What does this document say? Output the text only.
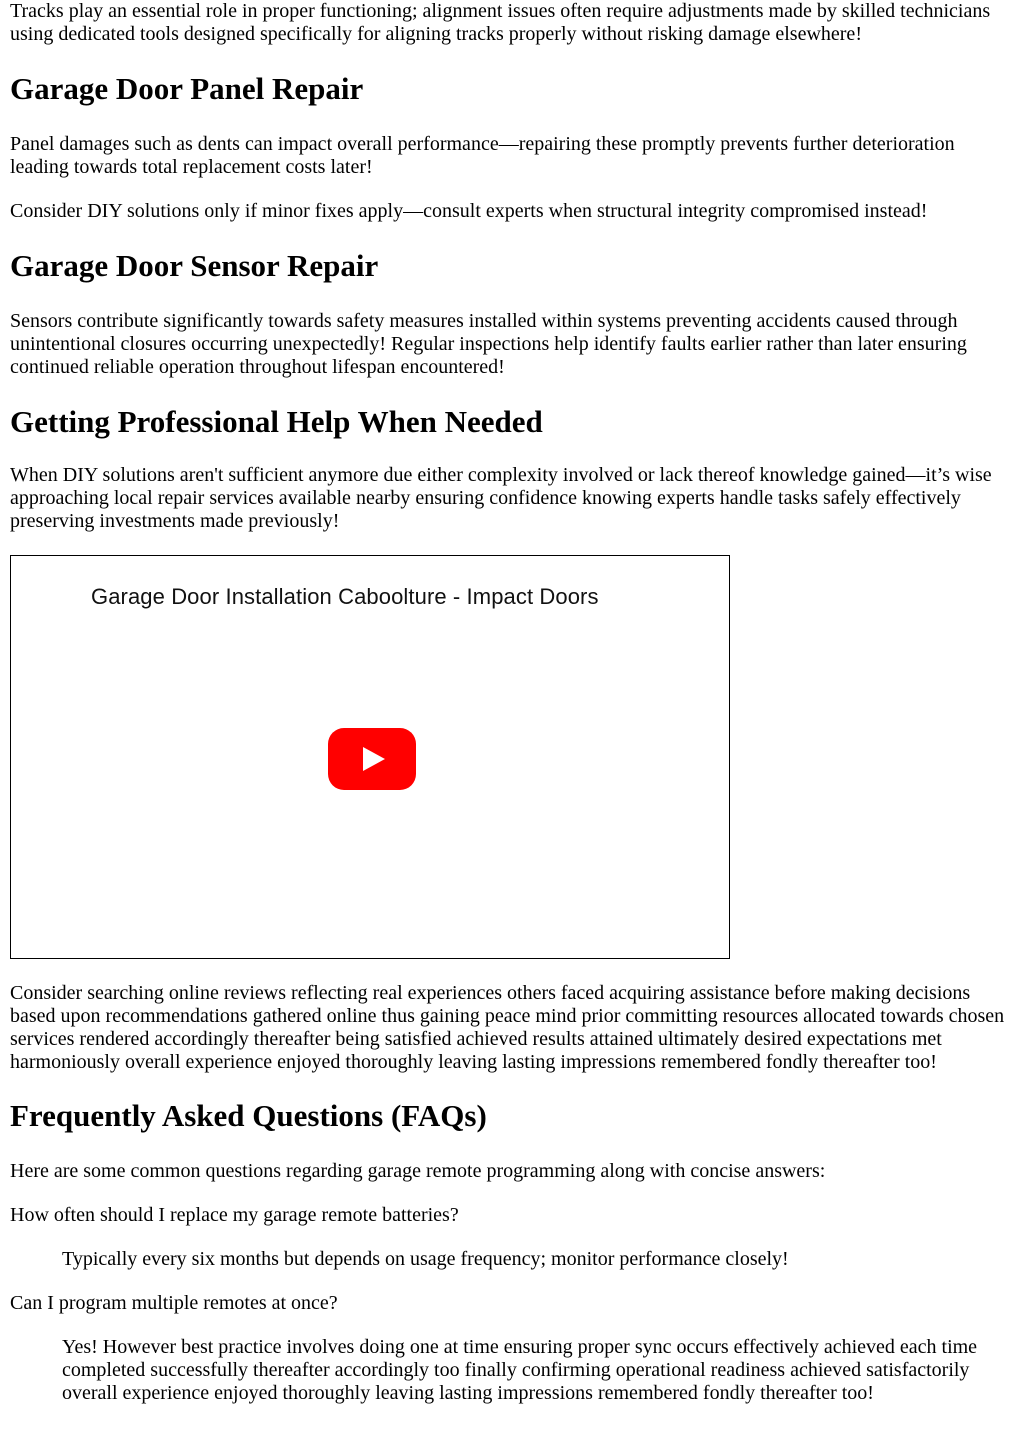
Tracks play an essential role in proper functioning; alignment issues often require adjustments made by skilled technicians using dedicated tools designed specifically for aligning tracks properly without risking damage elsewhere!

Garage Door Panel Repair

Panel damages such as dents can impact overall performance—repairing these promptly prevents further deterioration leading towards total replacement costs later!

Consider DIY solutions only if minor fixes apply—consult experts when structural integrity compromised instead!

Garage Door Sensor Repair

Sensors contribute significantly towards safety measures installed within systems preventing accidents caused through unintentional closures occurring unexpectedly! Regular inspections help identify faults earlier rather than later ensuring continued reliable operation throughout lifespan encountered!

Getting Professional Help When Needed

When DIY solutions aren't sufficient anymore due either complexity involved or lack thereof knowledge gained—it’s wise approaching local repair services available nearby ensuring confidence knowing experts handle tasks safely effectively preserving investments made previously!

Garage Door Installation Caboolture - Impact Doors

Consider searching online reviews reflecting real experiences others faced acquiring assistance before making decisions based upon recommendations gathered online thus gaining peace mind prior committing resources allocated towards chosen services rendered accordingly thereafter being satisfied achieved results attained ultimately desired expectations met harmoniously overall experience enjoyed thoroughly leaving lasting impressions remembered fondly thereafter too!

Frequently Asked Questions (FAQs)

Here are some common questions regarding garage remote programming along with concise answers:

How often should I replace my garage remote batteries?

Typically every six months but depends on usage frequency; monitor performance closely!

Can I program multiple remotes at once?

Yes! However best practice involves doing one at time ensuring proper sync occurs effectively achieved each time completed successfully thereafter accordingly too finally confirming operational readiness achieved satisfactorily overall experience enjoyed thoroughly leaving lasting impressions remembered fondly thereafter too!
